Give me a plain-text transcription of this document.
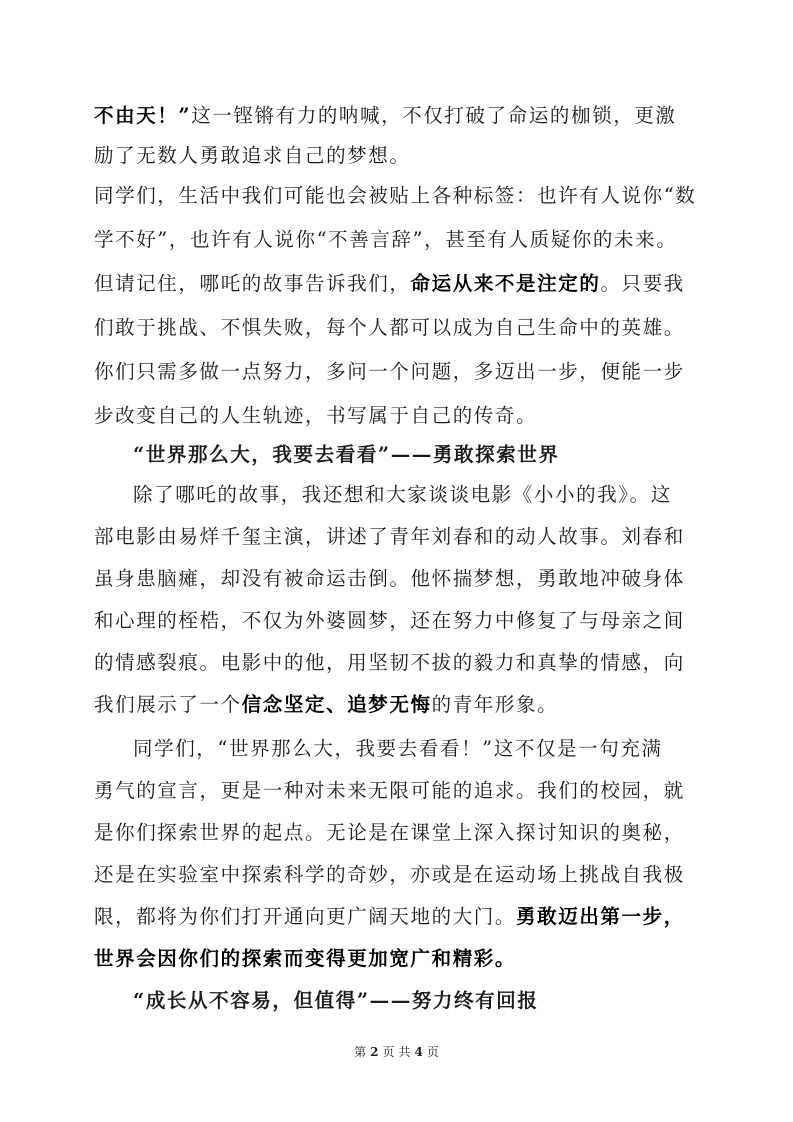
不由天！”这一铿锵有力的呐喊，不仅打破了命运的枷锁，更激
励了无数人勇敢追求自己的梦想。
同学们，生活中我们可能也会被贴上各种标签：也许有人说你“数
学不好”，也许有人说你“不善言辞”，甚至有人质疑你的未来。
但请记住，哪吒的故事告诉我们，命运从来不是注定的。只要我
们敢于挑战、不惧失败，每个人都可以成为自己生命中的英雄。
你们只需多做一点努力，多问一个问题，多迈出一步，便能一步
步改变自己的人生轨迹，书写属于自己的传奇。
“世界那么大，我要去看看”——勇敢探索世界
除了哪吒的故事，我还想和大家谈谈电影《小小的我》。这
部电影由易烊千玺主演，讲述了青年刘春和的动人故事。刘春和
虽身患脑瘫，却没有被命运击倒。他怀揣梦想，勇敢地冲破身体
和心理的桎梏，不仅为外婆圆梦，还在努力中修复了与母亲之间
的情感裂痕。电影中的他，用坚韧不拔的毅力和真挚的情感，向
我们展示了一个信念坚定、追梦无悔的青年形象。
同学们，“世界那么大，我要去看看！”这不仅是一句充满
勇气的宣言，更是一种对未来无限可能的追求。我们的校园，就
是你们探索世界的起点。无论是在课堂上深入探讨知识的奥秘，
还是在实验室中探索科学的奇妙，亦或是在运动场上挑战自我极
限，都将为你们打开通向更广阔天地的大门。勇敢迈出第一步，
世界会因你们的探索而变得更加宽广和精彩。
“成长从不容易，但值得”——努力终有回报
第 2 页 共 4 页
